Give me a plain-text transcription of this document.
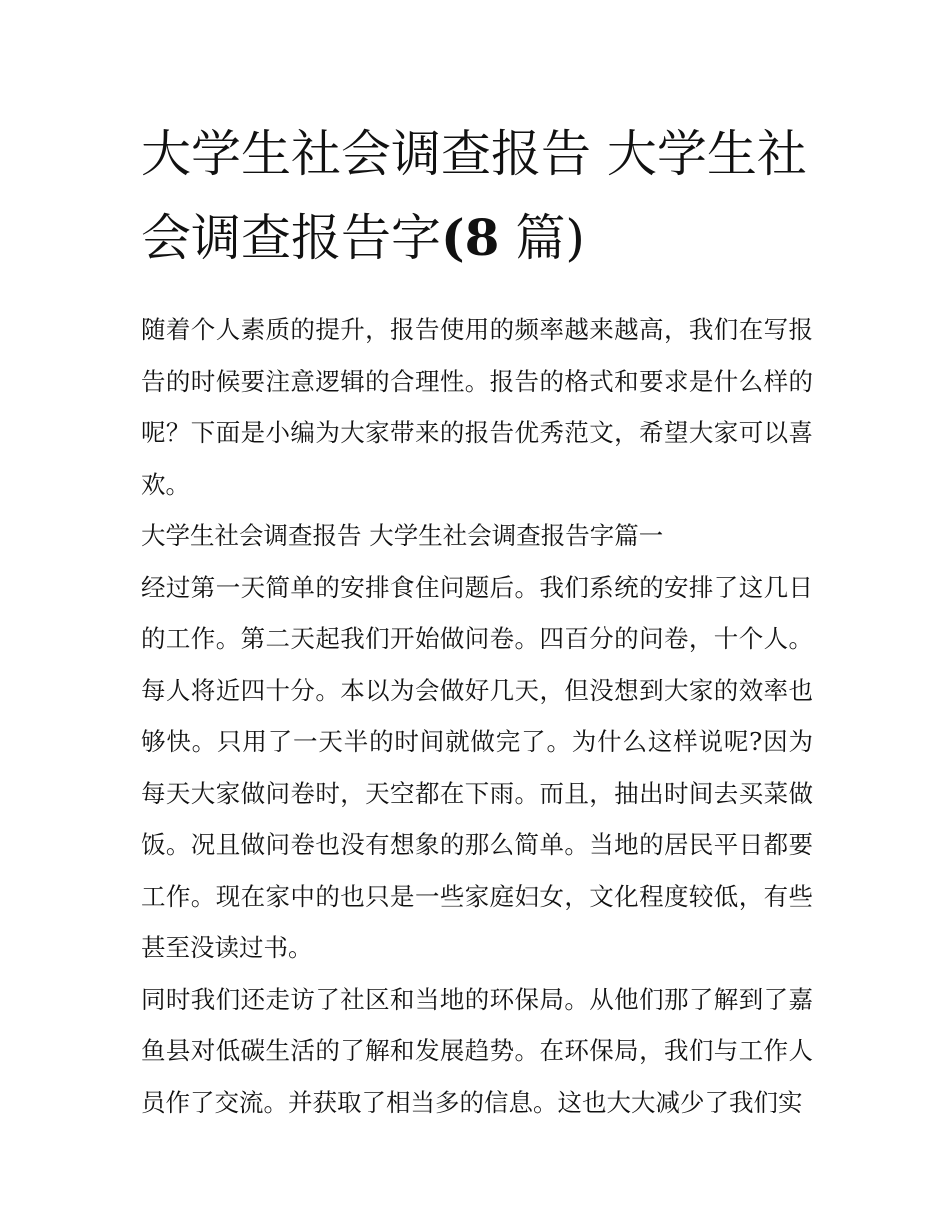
大学生社会调查报告 大学生社会调查报告字(8 篇)

随着个人素质的提升，报告使用的频率越来越高，我们在写报告的时候要注意逻辑的合理性。报告的格式和要求是什么样的呢？下面是小编为大家带来的报告优秀范文，希望大家可以喜欢。

大学生社会调查报告 大学生社会调查报告字篇一

经过第一天简单的安排食住问题后。我们系统的安排了这几日的工作。第二天起我们开始做问卷。四百分的问卷，十个人。每人将近四十分。本以为会做好几天，但没想到大家的效率也够快。只用了一天半的时间就做完了。为什么这样说呢?因为每天大家做问卷时，天空都在下雨。而且，抽出时间去买菜做饭。况且做问卷也没有想象的那么简单。当地的居民平日都要工作。现在家中的也只是一些家庭妇女，文化程度较低，有些甚至没读过书。

同时我们还走访了社区和当地的环保局。从他们那了解到了嘉鱼县对低碳生活的了解和发展趋势。在环保局，我们与工作人员作了交流。并获取了相当多的信息。这也大大减少了我们实
